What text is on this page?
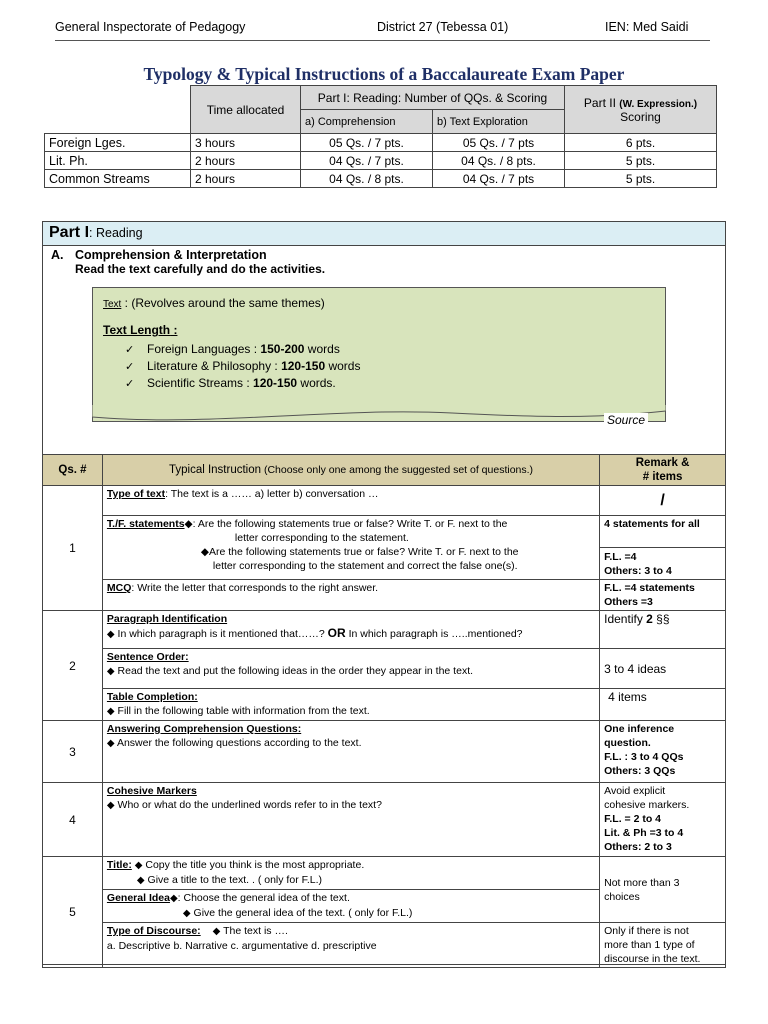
General Inspectorate of Pedagogy	District 27 (Tebessa 01)	IEN: Med Saidi
Typology & Typical Instructions of a Baccalaureate Exam Paper
	Time allocated	Part I: Reading: Number of QQs. & Scoring		Part II (W. Expression.)
Scoring
		a) Comprehension	b) Text Exploration	
Foreign Lges.	3 hours	05 Qs. / 7 pts.	05 Qs. / 7 pts	6 pts.
Lit. Ph.	2 hours	04 Qs. / 7 pts.	04 Qs. / 8 pts.	5 pts.
Common Streams	2 hours	04 Qs. / 8 pts.	04 Qs. / 7 pts	5 pts.
Part I: Reading
A. Comprehension & Interpretation
Read the text carefully and do the activities.
Text : (Revolves around the same themes)
Text Length :
✓ Foreign Languages : 150-200 words
✓ Literature & Philosophy : 120-150 words
✓ Scientific Streams : 120-150 words.
Source
Qs. #	Typical Instruction (Choose only one among the suggested set of questions.)	Remark &
# items
1	Type of text: The text is a …… a) letter b) conversation …	/
	T./F. statements◆: Are the following statements true or false? Write T. or F. next to the
letter corresponding to the statement.
◆Are the following statements true or false? Write T. or F. next to the
letter corresponding to the statement and correct the false one(s).	4 statements for all
		F.L. =4
Others: 3 to 4
	MCQ: Write the letter that corresponds to the right answer.	F.L. =4 statements
Others =3
2	Paragraph Identification
◆ In which paragraph is it mentioned that……? OR In which paragraph is …..mentioned?	Identify 2 §§
	Sentence Order:
◆ Read the text and put the following ideas in the order they appear in the text.	3 to 4 ideas
	Table Completion:
◆ Fill in the following table with information from the text.	4 items
3	Answering Comprehension Questions:
◆ Answer the following questions according to the text.	One inference
question.
F.L. : 3 to 4 QQs
Others: 3 QQs
4	Cohesive Markers
◆ Who or what do the underlined words refer to in the text?	Avoid explicit
cohesive markers.
F.L. = 2 to 4
Lit. & Ph =3 to 4
Others: 2 to 3
5	Title: ◆ Copy the title you think is the most appropriate.
◆ Give a title to the text. . ( only for F.L.)	Not more than 3
choices
	General Idea◆: Choose the general idea of the text.
◆ Give the general idea of the text. ( only for F.L.)	
	Type of Discourse: ◆ The text is ….
a. Descriptive b. Narrative c. argumentative d. prescriptive	Only if there is not
more than 1 type of
discourse in the text.
